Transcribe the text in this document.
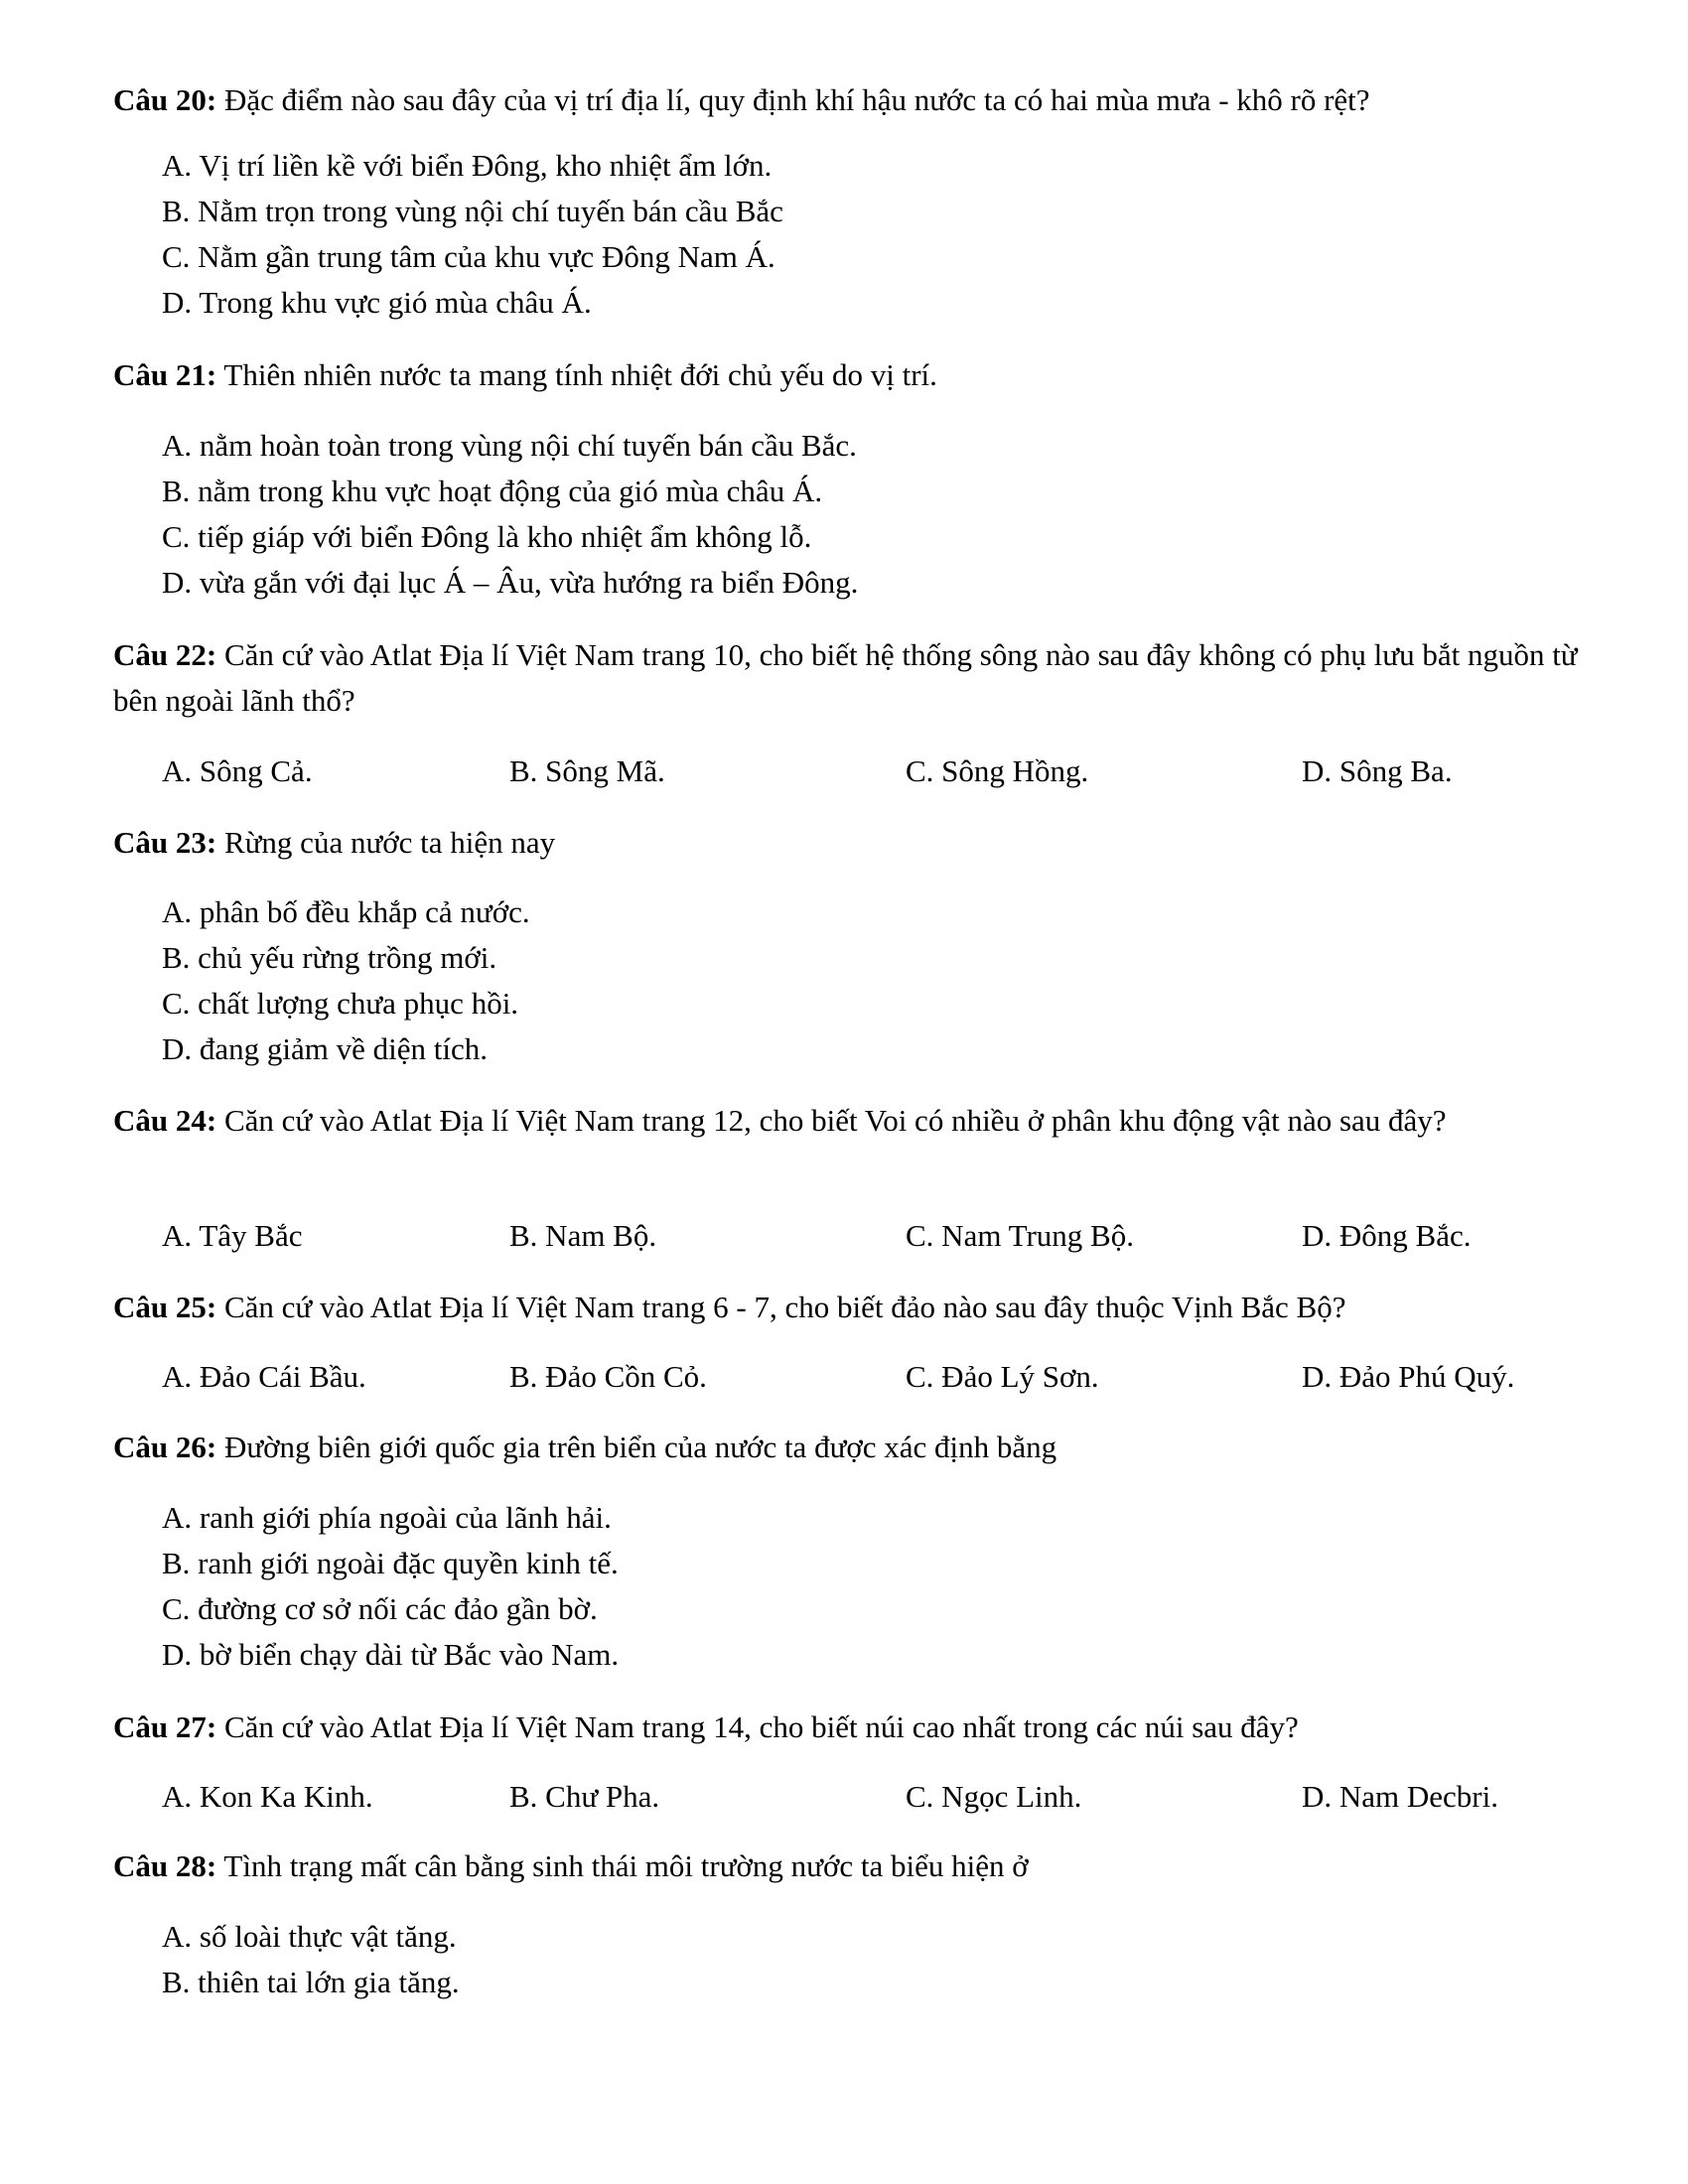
Câu 20: Đặc điểm nào sau đây của vị trí địa lí, quy định khí hậu nước ta có hai mùa mưa - khô rõ rệt?
A. Vị trí liền kề với biển Đông, kho nhiệt ẩm lớn.
B. Nằm trọn trong vùng nội chí tuyến bán cầu Bắc
C. Nằm gần trung tâm của khu vực Đông Nam Á.
D. Trong khu vực gió mùa châu Á.
Câu 21: Thiên nhiên nước ta mang tính nhiệt đới chủ yếu do vị trí.
A. nằm hoàn toàn trong vùng nội chí tuyến bán cầu Bắc.
B. nằm trong khu vực hoạt động của gió mùa châu Á.
C. tiếp giáp với biển Đông là kho nhiệt ẩm không lỗ.
D. vừa gắn với đại lục Á – Âu, vừa hướng ra biển Đông.
Câu 22: Căn cứ vào Atlat Địa lí Việt Nam trang 10, cho biết hệ thống sông nào sau đây không có phụ lưu bắt nguồn từ bên ngoài lãnh thổ?
A. Sông Cả.	B. Sông Mã.	C. Sông Hồng.	D. Sông Ba.
Câu 23: Rừng của nước ta hiện nay
A. phân bố đều khắp cả nước.
B. chủ yếu rừng trồng mới.
C. chất lượng chưa phục hồi.
D. đang giảm về diện tích.
Câu 24: Căn cứ vào Atlat Địa lí Việt Nam trang 12, cho biết Voi có nhiều ở phân khu động vật nào sau đây?
A. Tây Bắc	B. Nam Bộ.	C. Nam Trung Bộ.	D. Đông Bắc.
Câu 25: Căn cứ vào Atlat Địa lí Việt Nam trang 6 - 7, cho biết đảo nào sau đây thuộc Vịnh Bắc Bộ?
A. Đảo Cái Bầu.	B. Đảo Cồn Cỏ.	C. Đảo Lý Sơn.	D. Đảo Phú Quý.
Câu 26: Đường biên giới quốc gia trên biển của nước ta được xác định bằng
A. ranh giới phía ngoài của lãnh hải.
B. ranh giới ngoài đặc quyền kinh tế.
C. đường cơ sở nối các đảo gần bờ.
D. bờ biển chạy dài từ Bắc vào Nam.
Câu 27: Căn cứ vào Atlat Địa lí Việt Nam trang 14, cho biết núi cao nhất trong các núi sau đây?
A. Kon Ka Kinh.	B. Chư Pha.	C. Ngọc Linh.	D. Nam Decbri.
Câu 28: Tình trạng mất cân bằng sinh thái môi trường nước ta biểu hiện ở
A. số loài thực vật tăng.
B. thiên tai lớn gia tăng.
